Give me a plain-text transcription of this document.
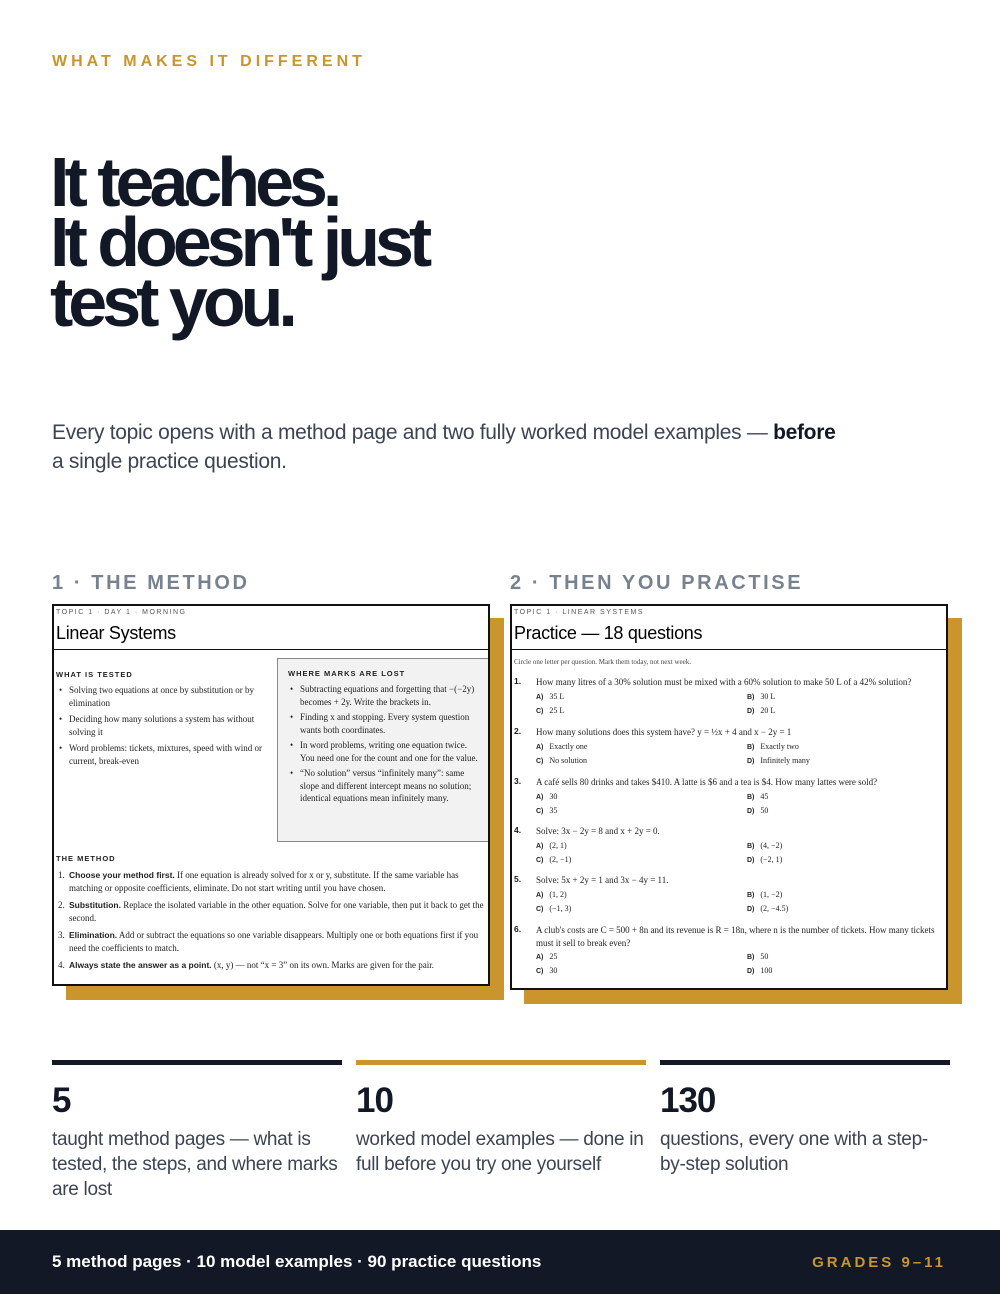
WHAT MAKES IT DIFFERENT
It teaches.
It doesn't just
test you.

Every topic opens with a method page and two fully worked model examples — before
a single practice question.

1 · THE METHOD
TOPIC 1 · DAY 1 · MORNING
Linear Systems
WHAT IS TESTED
• Solving two equations at once by substitution or by elimination
• Deciding how many solutions a system has without solving it
• Word problems: tickets, mixtures, speed with wind or current, break-even
WHERE MARKS ARE LOST
• Subtracting equations and forgetting that −(−2y) becomes + 2y. Write the brackets in.
• Finding x and stopping. Every system question wants both coordinates.
• In word problems, writing one equation twice. You need one for the count and one for the value.
• “No solution” versus “infinitely many”: same slope and different intercept means no solution; identical equations mean infinitely many.
THE METHOD
1. Choose your method first. If one equation is already solved for x or y, substitute. If the same variable has matching or opposite coefficients, eliminate. Do not start writing until you have chosen.
2. Substitution. Replace the isolated variable in the other equation. Solve for one variable, then put it back to get the second.
3. Elimination. Add or subtract the equations so one variable disappears. Multiply one or both equations first if you need the coefficients to match.
4. Always state the answer as a point. (x, y) — not “x = 3” on its own. Marks are given for the pair.
2 · THEN YOU PRACTISE
TOPIC 1 · LINEAR SYSTEMS
Practice — 18 questions
Circle one letter per question. Mark them today, not next week.
1. How many litres of a 30% solution must be mixed with a 60% solution to make 50 L of a 42% solution?
A) 35 L	B) 30 L
C) 25 L	D) 20 L
2. How many solutions does this system have? y = ½x + 4 and x − 2y = 1
A) Exactly one	B) Exactly two
C) No solution	D) Infinitely many
3. A café sells 80 drinks and takes $410. A latte is $6 and a tea is $4. How many lattes were sold?
A) 30	B) 45
C) 35	D) 50
4. Solve: 3x − 2y = 8 and x + 2y = 0.
A) (2, 1)	B) (4, −2)
C) (2, −1)	D) (−2, 1)
5. Solve: 5x + 2y = 1 and 3x − 4y = 11.
A) (1, 2)	B) (1, −2)
C) (−1, 3)	D) (2, −4.5)
6. A club's costs are C = 500 + 8n and its revenue is R = 18n, where n is the number of tickets. How many tickets must it sell to break even?
A) 25	B) 50
C) 30	D) 100
5
taught method pages — what is tested, the steps, and where marks are lost
10
worked model examples — done in full before you try one yourself
130
questions, every one with a step-by-step solution
5 method pages · 10 model examples · 90 practice questions	GRADES 9–11
